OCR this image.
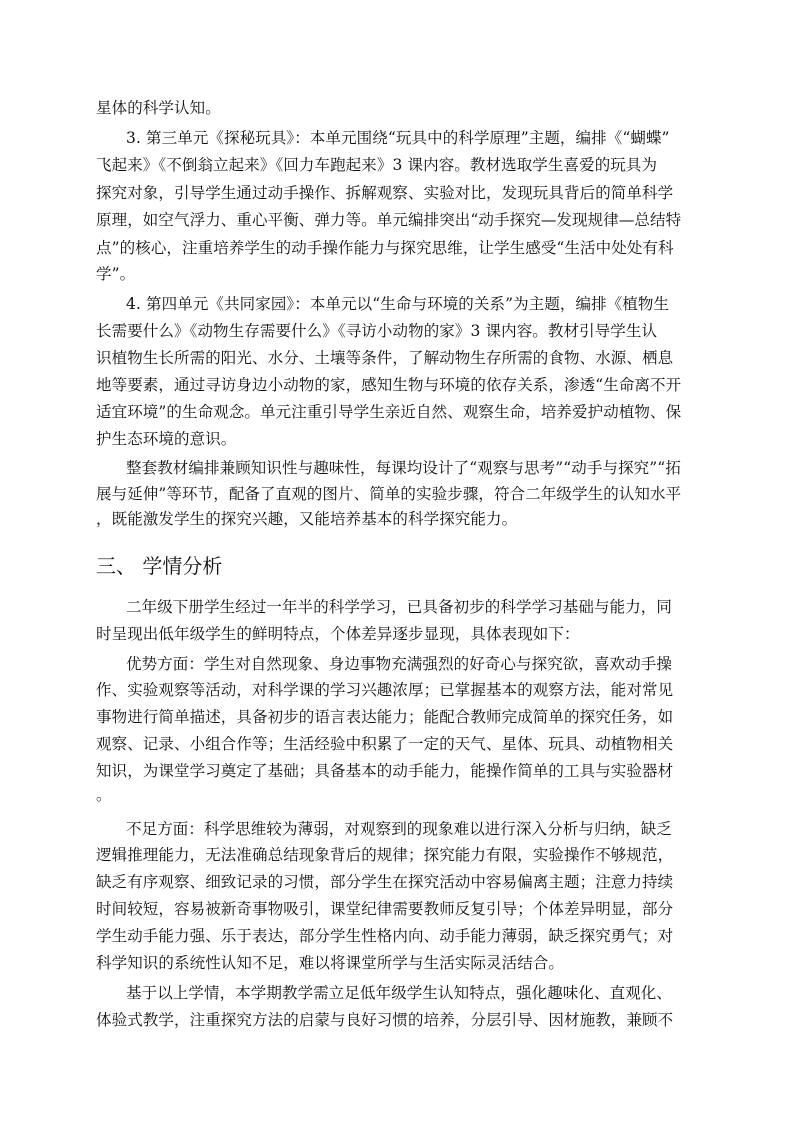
星体的科学认知。
3. 第三单元《探秘玩具》：本单元围绕“玩具中的科学原理”主题，编排《“蝴蝶”
飞起来》《不倒翁立起来》《回力车跑起来》3 课内容。教材选取学生喜爱的玩具为
探究对象，引导学生通过动手操作、拆解观察、实验对比，发现玩具背后的简单科学
原理，如空气浮力、重心平衡、弹力等。单元编排突出“动手探究—发现规律—总结特
点”的核心，注重培养学生的动手操作能力与探究思维，让学生感受“生活中处处有科
学”。
4. 第四单元《共同家园》：本单元以“生命与环境的关系”为主题，编排《植物生
长需要什么》《动物生存需要什么》《寻访小动物的家》3 课内容。教材引导学生认
识植物生长所需的阳光、水分、土壤等条件，了解动物生存所需的食物、水源、栖息
地等要素，通过寻访身边小动物的家，感知生物与环境的依存关系，渗透“生命离不开
适宜环境”的生命观念。单元注重引导学生亲近自然、观察生命，培养爱护动植物、保
护生态环境的意识。
整套教材编排兼顾知识性与趣味性，每课均设计了“观察与思考”“动手与探究”“拓
展与延伸”等环节，配备了直观的图片、简单的实验步骤，符合二年级学生的认知水平
，既能激发学生的探究兴趣，又能培养基本的科学探究能力。
三、 学情分析
二年级下册学生经过一年半的科学学习，已具备初步的科学学习基础与能力，同
时呈现出低年级学生的鲜明特点，个体差异逐步显现，具体表现如下：
优势方面：学生对自然现象、身边事物充满强烈的好奇心与探究欲，喜欢动手操
作、实验观察等活动，对科学课的学习兴趣浓厚；已掌握基本的观察方法，能对常见
事物进行简单描述，具备初步的语言表达能力；能配合教师完成简单的探究任务，如
观察、记录、小组合作等；生活经验中积累了一定的天气、星体、玩具、动植物相关
知识，为课堂学习奠定了基础；具备基本的动手能力，能操作简单的工具与实验器材
。
不足方面：科学思维较为薄弱，对观察到的现象难以进行深入分析与归纳，缺乏
逻辑推理能力，无法准确总结现象背后的规律；探究能力有限，实验操作不够规范，
缺乏有序观察、细致记录的习惯，部分学生在探究活动中容易偏离主题；注意力持续
时间较短，容易被新奇事物吸引，课堂纪律需要教师反复引导；个体差异明显，部分
学生动手能力强、乐于表达，部分学生性格内向、动手能力薄弱，缺乏探究勇气；对
科学知识的系统性认知不足，难以将课堂所学与生活实际灵活结合。
基于以上学情，本学期教学需立足低年级学生认知特点，强化趣味化、直观化、
体验式教学，注重探究方法的启蒙与良好习惯的培养，分层引导、因材施教，兼顾不
